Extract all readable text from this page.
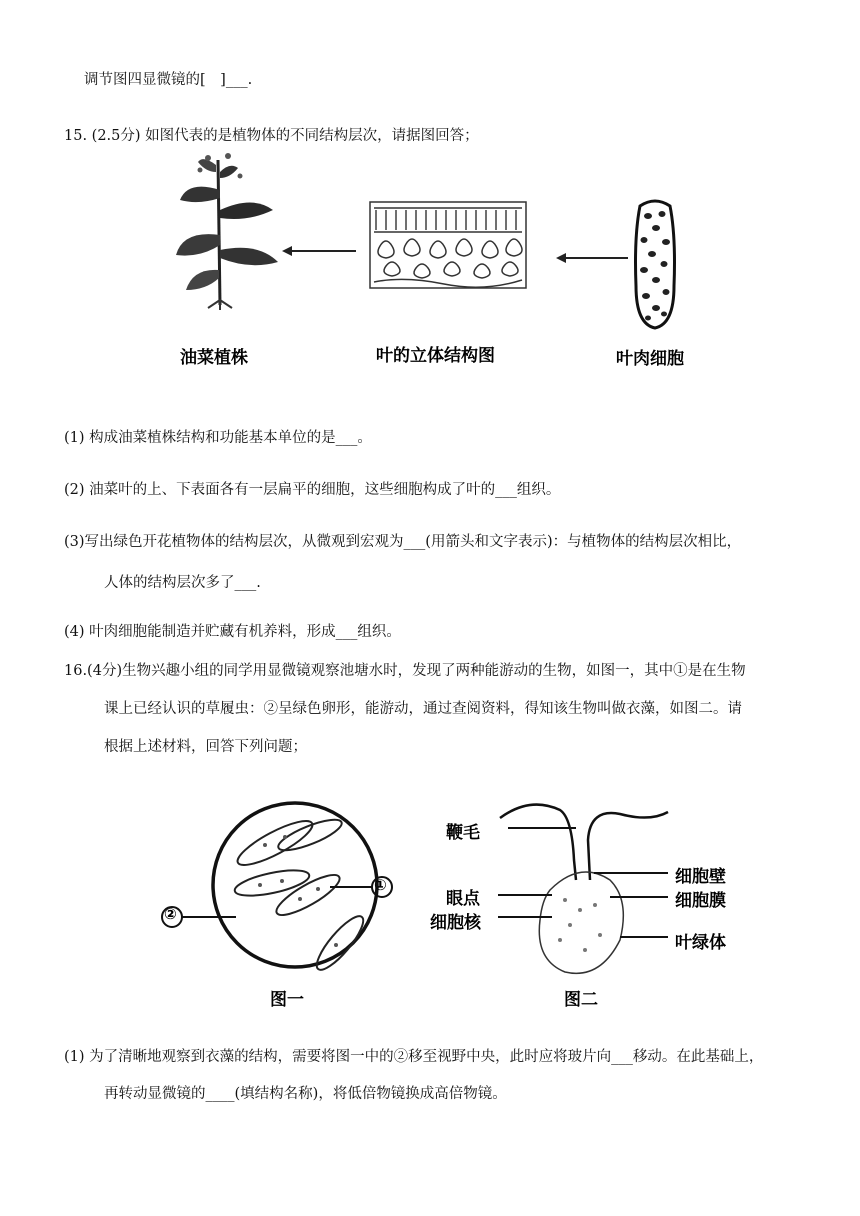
调节图四显微镜的[　]___.
15. (2.5分) 如图代表的是植物体的不同结构层次，请据图回答；
油菜植株	叶的立体结构图	叶肉细胞
(1) 构成油菜植株结构和功能基本单位的是___。
(2) 油菜叶的上、下表面各有一层扁平的细胞，这些细胞构成了叶的___组织。
(3)写出绿色开花植物体的结构层次，从微观到宏观为___(用箭头和文字表示)：与植物体的结构层次相比，
人体的结构层次多了___.
(4) 叶肉细胞能制造并贮藏有机养料，形成___组织。
16.(4分)生物兴趣小组的同学用显微镜观察池塘水时，发现了两种能游动的生物，如图一，其中①是在生物
课上已经认识的草履虫：②呈绿色卵形，能游动，通过查阅资料，得知该生物叫做衣藻，如图二。请
根据上述材料，回答下列问题；
②
①
图一
鞭毛
眼点
细胞核
细胞壁
细胞膜
叶绿体
图二
(1) 为了清晰地观察到衣藻的结构，需要将图一中的②移至视野中央，此时应将玻片向___移动。在此基础上，
再转动显微镜的____(填结构名称)，将低倍物镜换成高倍物镜。
